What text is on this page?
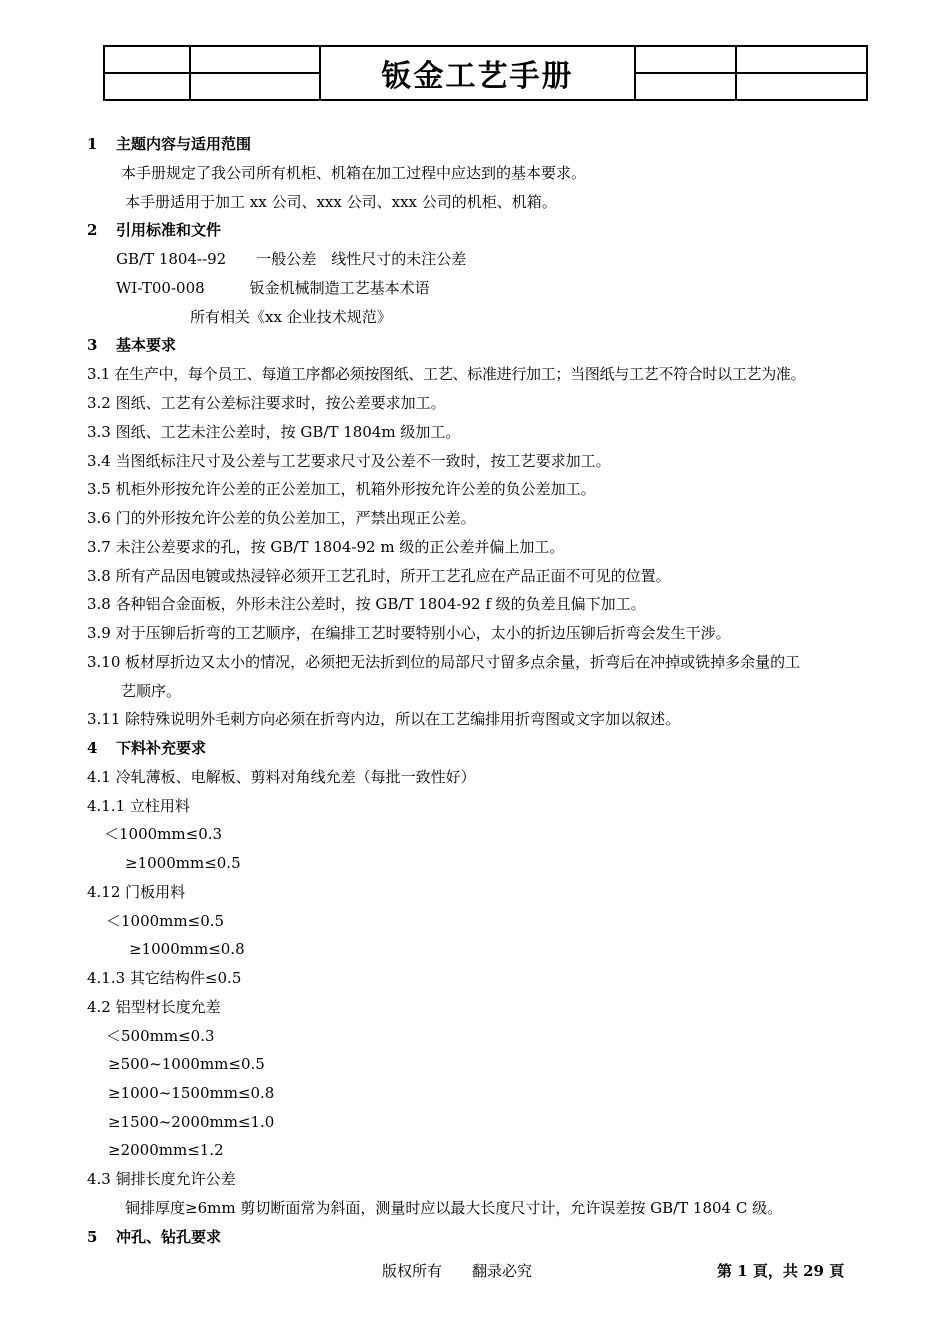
		钣金工艺手册		

1 主题内容与适用范围
本手册规定了我公司所有机柜、机箱在加工过程中应达到的基本要求。
本手册适用于加工 xx 公司、xxx 公司、xxx 公司的机柜、机箱。
2 引用标准和文件
GB/T 1804--92　　一般公差　线性尺寸的未注公差
WI-T00-008　　　钣金机械制造工艺基本术语
所有相关《xx 企业技术规范》
3 基本要求
3.1 在生产中，每个员工、每道工序都必须按图纸、工艺、标准进行加工；当图纸与工艺不符合时以工艺为准。
3.2 图纸、工艺有公差标注要求时，按公差要求加工。
3.3 图纸、工艺未注公差时，按 GB/T 1804m 级加工。
3.4 当图纸标注尺寸及公差与工艺要求尺寸及公差不一致时，按工艺要求加工。
3.5 机柜外形按允许公差的正公差加工，机箱外形按允许公差的负公差加工。
3.6 门的外形按允许公差的负公差加工，严禁出现正公差。
3.7 未注公差要求的孔，按 GB/T 1804-92 m 级的正公差并偏上加工。
3.8 所有产品因电镀或热浸锌必须开工艺孔时，所开工艺孔应在产品正面不可见的位置。
3.8 各种铝合金面板，外形未注公差时，按 GB/T 1804-92 f 级的负差且偏下加工。
3.9 对于压铆后折弯的工艺顺序，在编排工艺时要特别小心，太小的折边压铆后折弯会发生干涉。
3.10 板材厚折边又太小的情况，必须把无法折到位的局部尺寸留多点余量，折弯后在冲掉或铣掉多余量的工
艺顺序。
3.11 除特殊说明外毛刺方向必须在折弯内边，所以在工艺编排用折弯图或文字加以叙述。
4 下料补充要求
4.1 冷轧薄板、电解板、剪料对角线允差（每批一致性好）
4.1.1 立柱用料
＜1000mm≤0.3
≥1000mm≤0.5
4.12 门板用料
＜1000mm≤0.5
≥1000mm≤0.8
4.1.3 其它结构件≤0.5
4.2 铝型材长度允差
＜500mm≤0.3
≥500~1000mm≤0.5
≥1000~1500mm≤0.8
≥1500~2000mm≤1.0
≥2000mm≤1.2
4.3 铜排长度允许公差
铜排厚度≥6mm 剪切断面常为斜面，测量时应以最大长度尺寸计，允许误差按 GB/T 1804 C 级。
5 冲孔、钻孔要求
版权所有　　翻录必究	第 1 頁，共 29 頁
